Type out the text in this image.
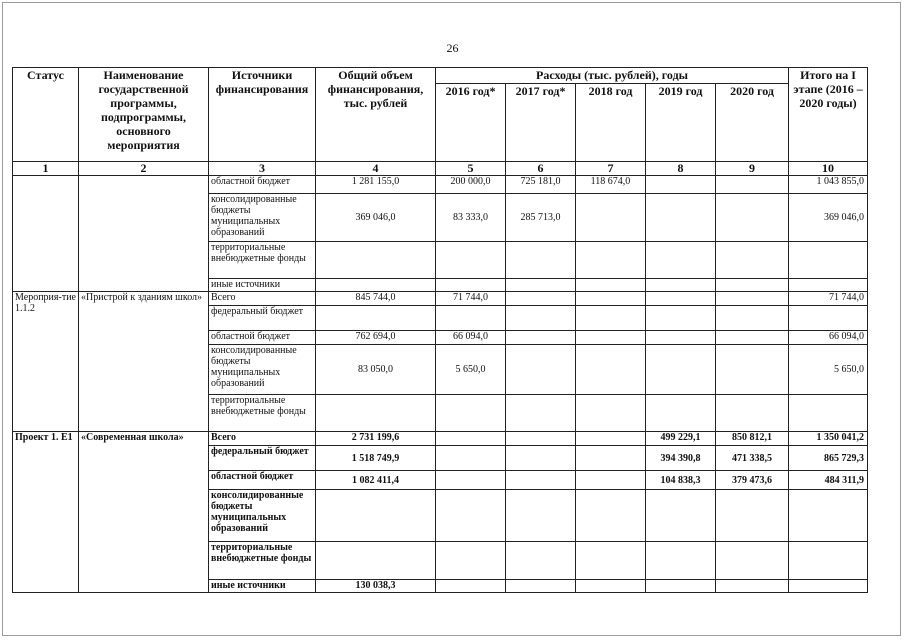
26
Статус	Наименование государственной программы, подпрограммы, основного мероприятия	Источники финансирования	Общий объем финансирования, тыс. рублей	Расходы (тыс. рублей), годы					Итого на I этапе (2016 – 2020 годы)
				2016 год*	2017 год*	2018 год	2019 год	2020 год	
1	2	3	4	5	6	7	8	9	10
		областной бюджет	1 281 155,0	200 000,0	725 181,0	118 674,0			1 043 855,0
		консолидированные бюджеты муниципальных образований	369 046,0	83 333,0	285 713,0				369 046,0
		территориальные внебюджетные фонды							
		иные источники							
Мероприя-тие 1.1.2	«Пристрой к зданиям школ»	Всего	845 744,0	71 744,0					71 744,0
		федеральный бюджет							
		областной бюджет	762 694,0	66 094,0					66 094,0
		консолидированные бюджеты муниципальных образований	83 050,0	5 650,0					5 650,0
		территориальные внебюджетные фонды							
Проект 1. Е1	«Современная школа»	Всего	2 731 199,6				499 229,1	850 812,1	1 350 041,2
		федеральный бюджет	1 518 749,9				394 390,8	471 338,5	865 729,3
		областной бюджет	1 082 411,4				104 838,3	379 473,6	484 311,9
		консолидированные бюджеты муниципальных образований							
		территориальные внебюджетные фонды							
		иные источники	130 038,3						
